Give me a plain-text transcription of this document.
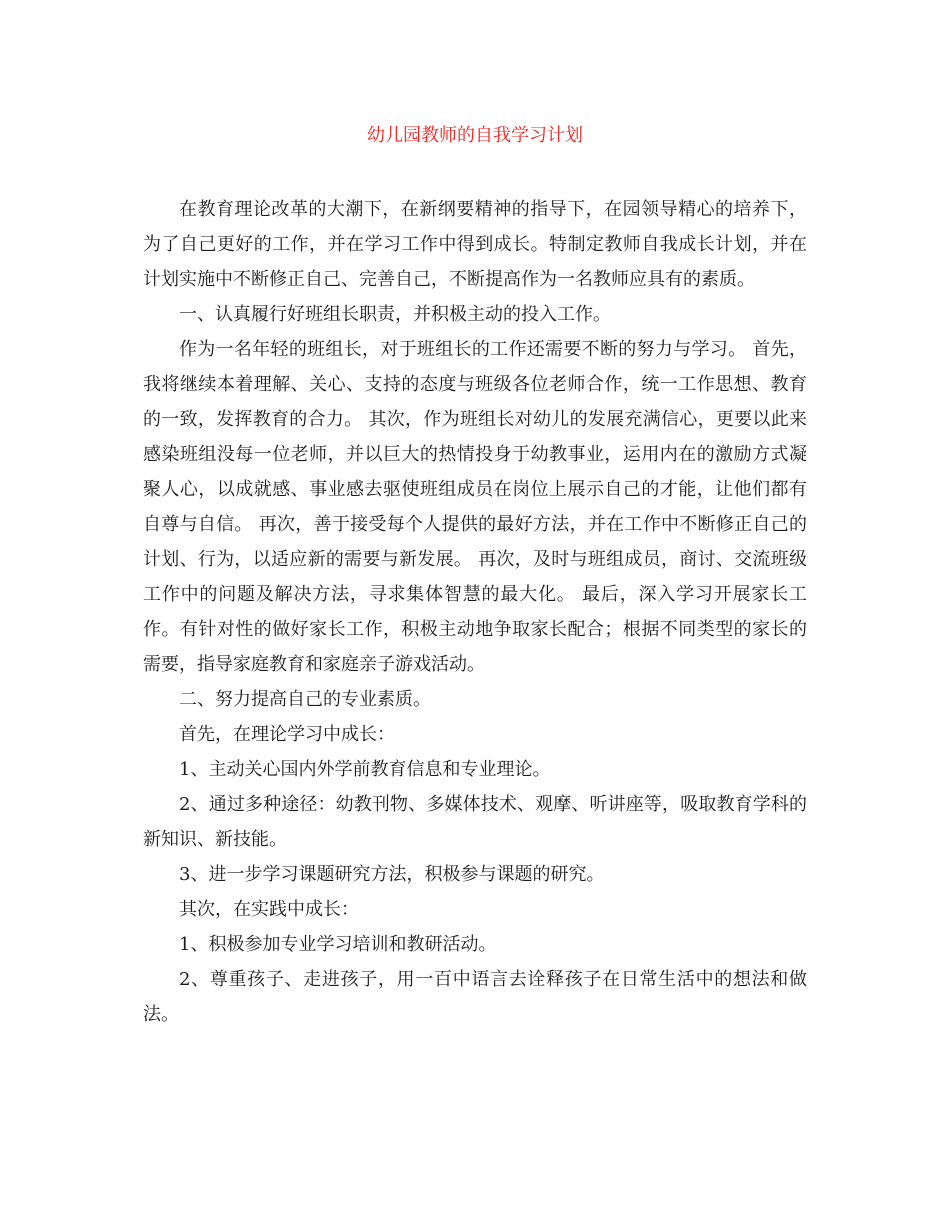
幼儿园教师的自我学习计划

在教育理论改革的大潮下，在新纲要精神的指导下，在园领导精心的培养下，为了自己更好的工作，并在学习工作中得到成长。特制定教师自我成长计划，并在计划实施中不断修正自己、完善自己，不断提高作为一名教师应具有的素质。

一、认真履行好班组长职责，并积极主动的投入工作。

作为一名年轻的班组长，对于班组长的工作还需要不断的努力与学习。 首先，我将继续本着理解、关心、支持的态度与班级各位老师合作，统一工作思想、教育的一致，发挥教育的合力。 其次，作为班组长对幼儿的发展充满信心，更要以此来感染班组没每一位老师，并以巨大的热情投身于幼教事业，运用内在的激励方式凝聚人心，以成就感、事业感去驱使班组成员在岗位上展示自己的才能，让他们都有自尊与自信。 再次，善于接受每个人提供的最好方法，并在工作中不断修正自己的计划、行为，以适应新的需要与新发展。 再次，及时与班组成员，商讨、交流班级工作中的问题及解决方法，寻求集体智慧的最大化。 最后，深入学习开展家长工作。有针对性的做好家长工作，积极主动地争取家长配合；根据不同类型的家长的需要，指导家庭教育和家庭亲子游戏活动。

二、努力提高自己的专业素质。

首先，在理论学习中成长：

1、主动关心国内外学前教育信息和专业理论。

2、通过多种途径：幼教刊物、多媒体技术、观摩、听讲座等，吸取教育学科的新知识、新技能。

3、进一步学习课题研究方法，积极参与课题的研究。

其次，在实践中成长：

1、积极参加专业学习培训和教研活动。

2、尊重孩子、走进孩子，用一百中语言去诠释孩子在日常生活中的想法和做法。
